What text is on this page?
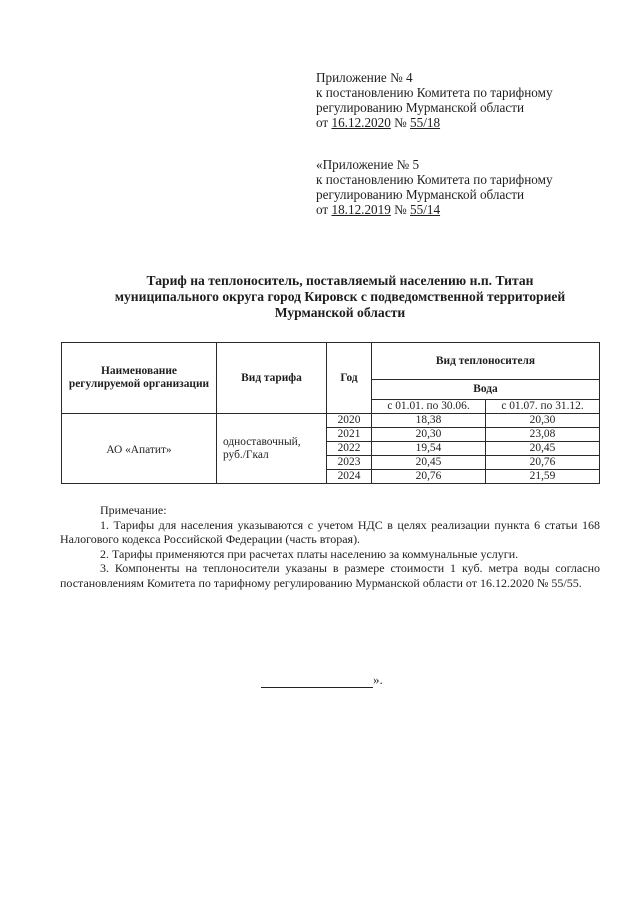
Приложение № 4
к постановлению Комитета по тарифному
регулированию Мурманской области
от 16.12.2020 № 55/18
«Приложение № 5
к постановлению Комитета по тарифному
регулированию Мурманской области
от 18.12.2019 № 55/14
Тариф на теплоноситель, поставляемый населению н.п. Титан
муниципального округа город Кировск с подведомственной территорией
Мурманской области
Наименование регулируемой организации	Вид тарифа	Год	Вид теплоносителя	
			Вода	
			с 01.01. по 30.06.	с 01.07. по 31.12.
АО «Апатит»	одноставочный, руб./Гкал	2020	18,38	20,30
		2021	20,30	23,08
		2022	19,54	20,45
		2023	20,45	20,76
		2024	20,76	21,59

Примечание:

1. Тарифы для населения указываются с учетом НДС в целях реализации пункта 6 статьи 168 Налогового кодекса Российской Федерации (часть вторая).

2. Тарифы применяются при расчетах платы населению за коммунальные услуги.

3. Компоненты на теплоносители указаны в размере стоимости 1 куб. метра воды согласно постановлениям Комитета по тарифному регулированию Мурманской области от 16.12.2020 № 55/55.

».
